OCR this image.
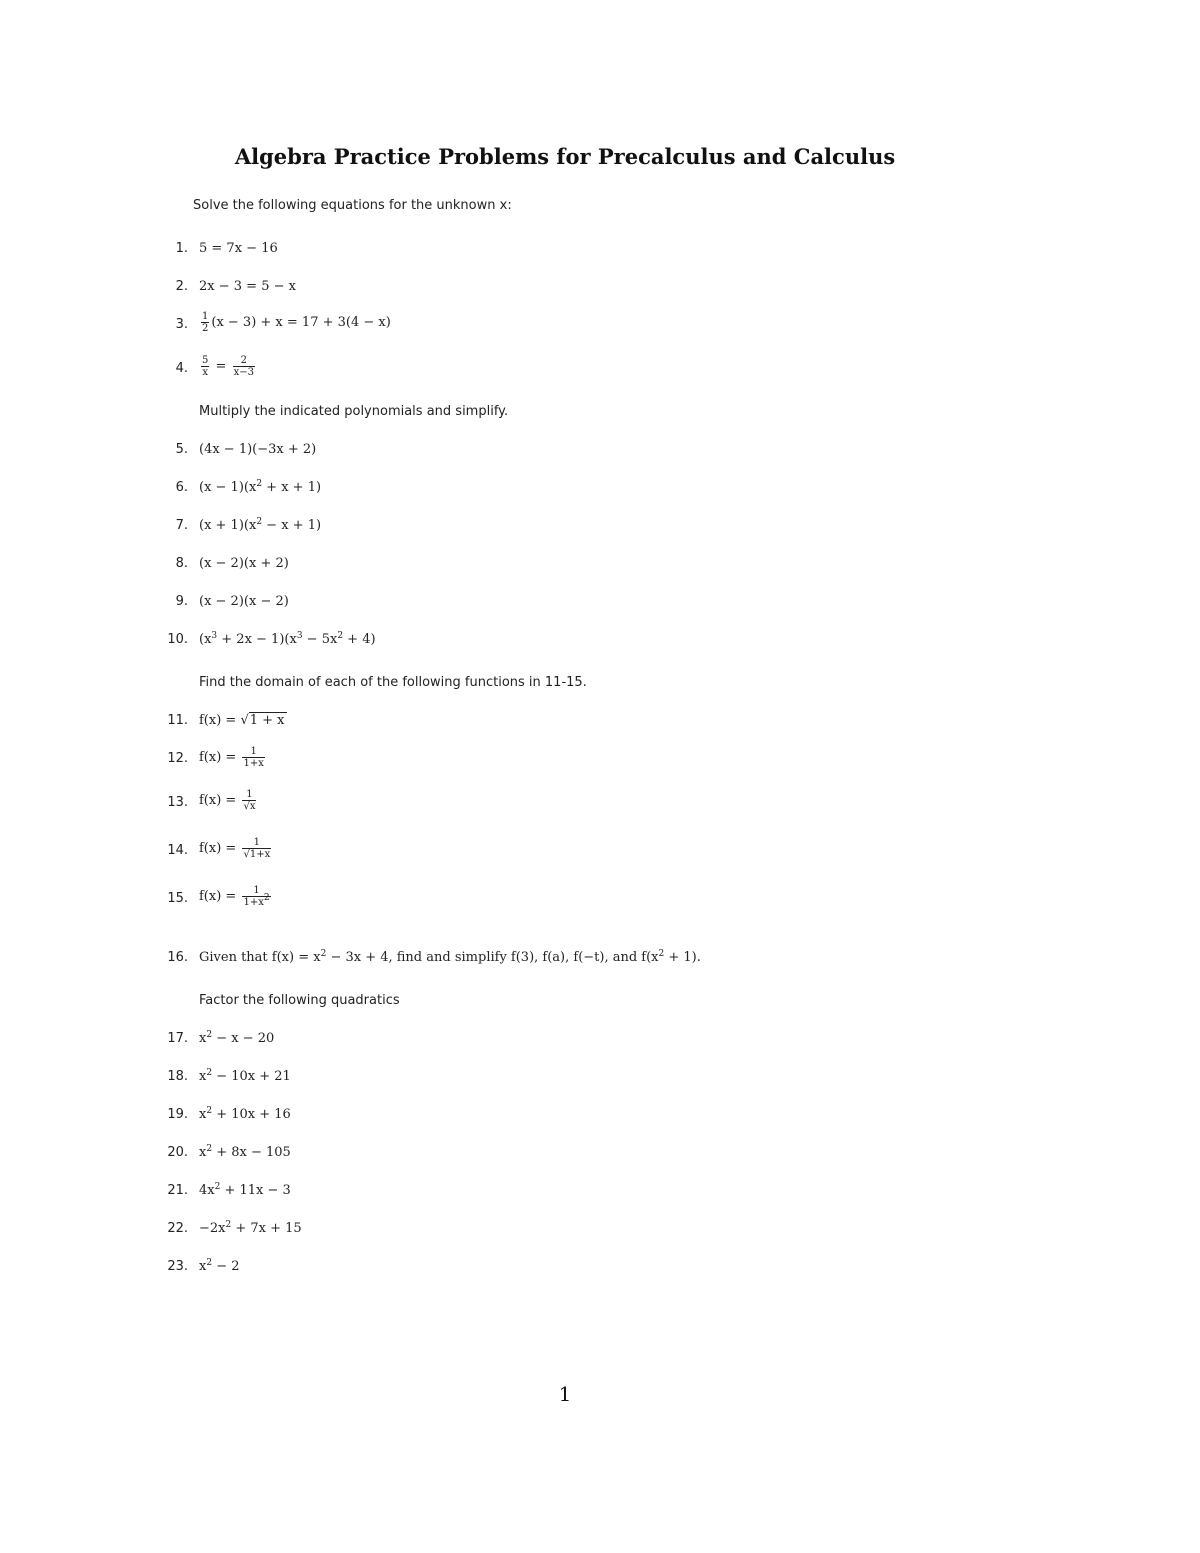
Algebra Practice Problems for Precalculus and Calculus
Solve the following equations for the unknown x:
1. 5 = 7x − 16
2. 2x − 3 = 5 − x
3. $\frac{1}{2} (x - 3) + x = 17 + 3(4 - x)$
4. $\frac{5}{x} = \frac{2}{x-3}$
Multiply the indicated polynomials and simplify.
5. (4x − 1)(−3x + 2)
6. $(x - 1)(x^2 + x + 1)$
7. $(x + 1)(x^2 - x + 1)$
8. (x − 2)(x + 2)
9. (x − 2)(x − 2)
10. $(x^3 + 2x - 1)(x^3 - 5x^2 + 4)$
Find the domain of each of the following functions in 11-15.
11. f(x) = √1 + x
12. $f(x) = \frac{1}{1+x}$
13. $f(x) = \frac{1}{√x}$
14. $f(x) = \frac{1}{√1+x}$
15. $f(x) = \frac{1}{1+x^2}$
16. Given that $f(x) = x^2 - 3x + 4$, find and simplify f(3), f(a), f(−t), and $f(x^2 + 1)$.
Factor the following quadratics
17. $x^2 - x - 20$
18. $x^2 - 10x + 21$
19. $x^2 + 10x + 16$
20. $x^2 + 8x - 105$
21. $4x^2 + 11x - 3$
22. $-2x^2 + 7x + 15$
23. $x^2 - 2$
1
